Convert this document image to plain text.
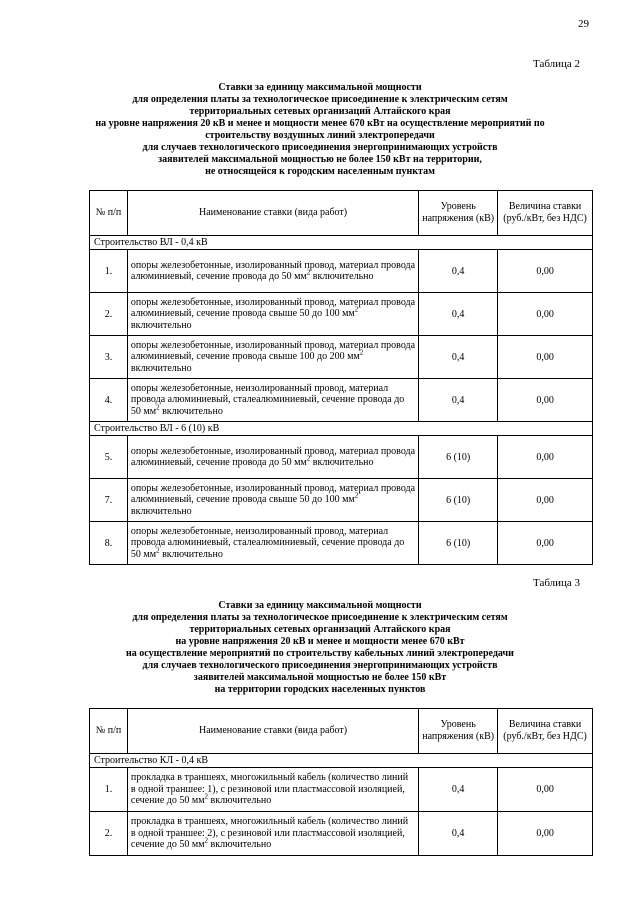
29
Таблица 2
Ставки за единицу максимальной мощности
для определения платы за технологическое присоединение к электрическим сетям
территориальных сетевых организаций Алтайского края
на уровне напряжения 20 кВ и менее и мощности менее 670 кВт на осуществление мероприятий по
строительству воздушных линий электропередачи
для случаев технологического присоединения энергопринимающих устройств
заявителей максимальной мощностью не более 150 кВт на территории,
не относящейся к городским населенным пунктам
№ п/п	Наименование ставки (вида работ)	Уровень напряжения (кВ)	Величина ставки (руб./кВт, без НДС)
Строительство ВЛ - 0,4 кВ			
1.	опоры железобетонные, изолированный провод, материал провода алюминиевый, сечение провода до 50 $мм^2$ включительно	0,4	0,00
2.	опоры железобетонные, изолированный провод, материал провода алюминиевый, сечение провода свыше 50 до 100 $мм^2$ включительно	0,4	0,00
3.	опоры железобетонные, изолированный провод, материал провода алюминиевый, сечение провода свыше 100 до 200 $мм^2$ включительно	0,4	0,00
4.	опоры железобетонные, неизолированный провод, материал провода алюминиевый, сталеалюминиевый, сечение провода до 50 $мм^2$ включительно	0,4	0,00
Строительство ВЛ - 6 (10) кВ			
5.	опоры железобетонные, изолированный провод, материал провода алюминиевый, сечение провода до 50 $мм^2$ включительно	6 (10)	0,00
7.	опоры железобетонные, изолированный провод, материал провода алюминиевый, сечение провода свыше 50 до 100 $мм^2$ включительно	6 (10)	0,00
8.	опоры железобетонные, неизолированный провод, материал провода алюминиевый, сталеалюминиевый, сечение провода до 50 $мм^2$ включительно	6 (10)	0,00
Таблица 3
Ставки за единицу максимальной мощности
для определения платы за технологическое присоединение к электрическим сетям
территориальных сетевых организаций Алтайского края
на уровне напряжения 20 кВ и менее и мощности менее 670 кВт
на осуществление мероприятий по строительству кабельных линий электропередачи
для случаев технологического присоединения энергопринимающих устройств
заявителей максимальной мощностью не более 150 кВт
на территории городских населенных пунктов
№ п/п	Наименование ставки (вида работ)	Уровень напряжения (кВ)	Величина ставки (руб./кВт, без НДС)
Строительство КЛ - 0,4 кВ			
1.	прокладка в траншеях, многожильный кабель (количество линий в одной траншее: 1), с резиновой или пластмассовой изоляцией, сечение до 50 $мм^2$ включительно	0,4	0,00
2.	прокладка в траншеях, многожильный кабель (количество линий в одной траншее: 2), с резиновой или пластмассовой изоляцией, сечение до 50 $мм^2$ включительно	0,4	0,00
